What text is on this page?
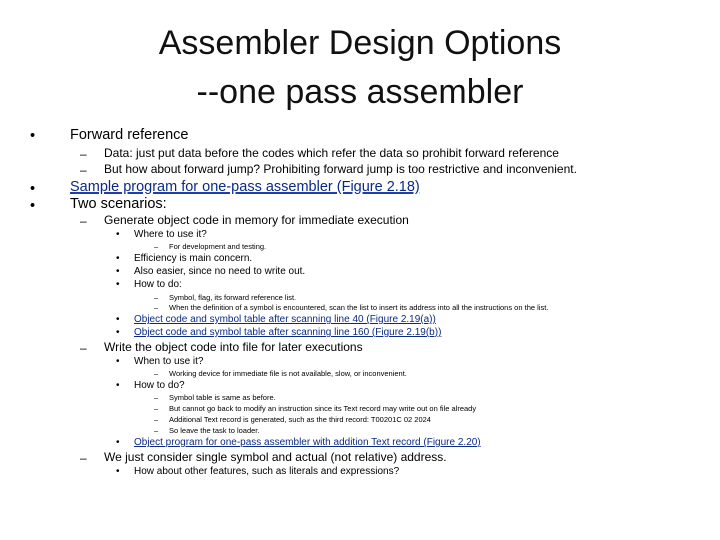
Assembler Design Options
--one pass assembler
• Forward reference
– Data: just put data before the codes which refer the data so prohibit forward reference
– But how about forward jump? Prohibiting forward jump is too restrictive and inconvenient.
• Sample program for one-pass assembler (Figure 2.18)
• Two scenarios:
– Generate object code in memory for immediate execution
• Where to use it?
– For development and testing.
• Efficiency is main concern.
• Also easier, since no need to write out.
• How to do:
– Symbol, flag, its forward reference list.
– When the definition of a symbol is encountered, scan the list to insert its address into all the instructions on the list.
• Object code and symbol table after scanning line 40 (Figure 2.19(a))
• Object code and symbol table after scanning line 160 (Figure 2.19(b))
– Write the object code into file for later executions
• When to use it?
– Working device for immediate file is not available, slow, or inconvenient.
• How to do?
– Symbol table is same as before.
– But cannot go back to modify an instruction since its Text record may write out on file already
– Additional Text record is generated, such as the third record: T00201C 02 2024
– So leave the task to loader.
• Object program for one-pass assembler with addition Text record (Figure 2.20)
– We just consider single symbol and actual (not relative) address.
• How about other features, such as literals and expressions?
